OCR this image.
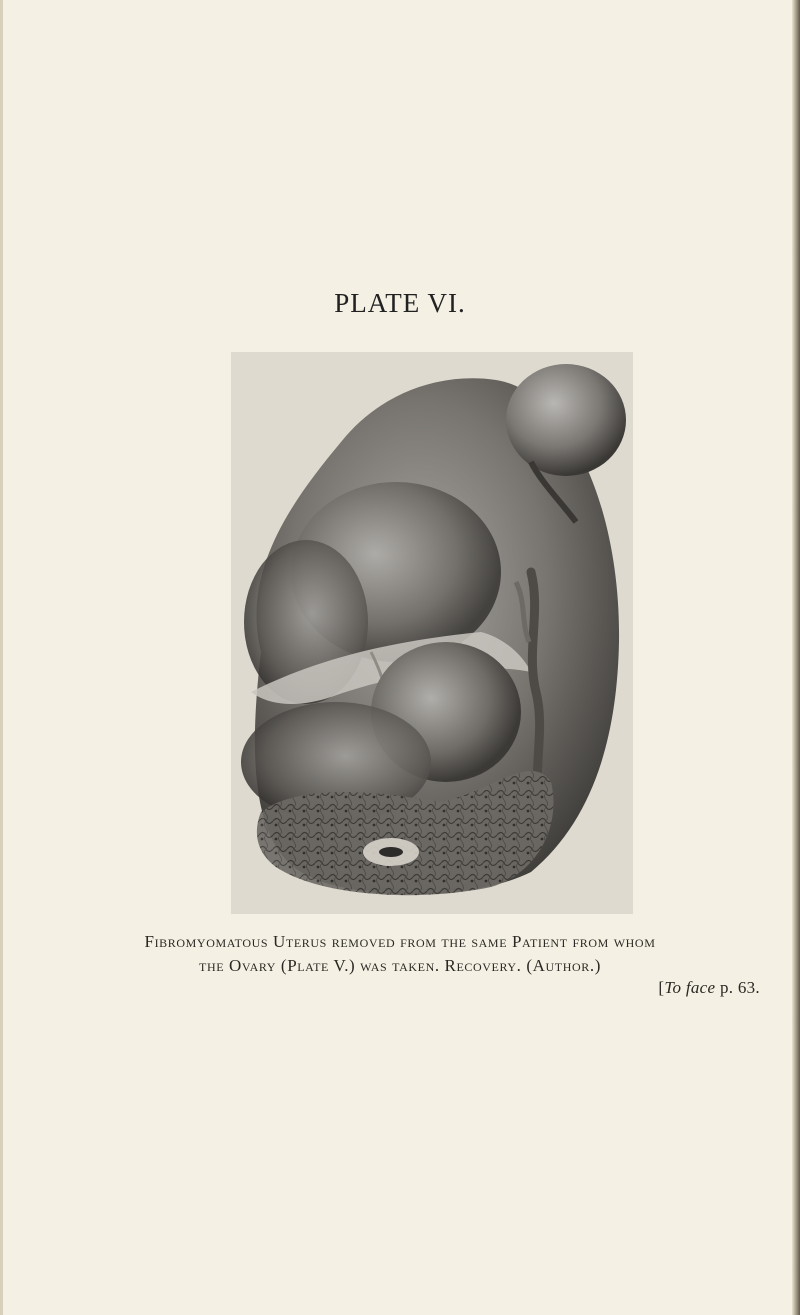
PLATE VI.
Fibromyomatous Uterus removed from the same Patient from whom
the Ovary (Plate V.) was taken. Recovery. (Author.)
[To face p. 63.
